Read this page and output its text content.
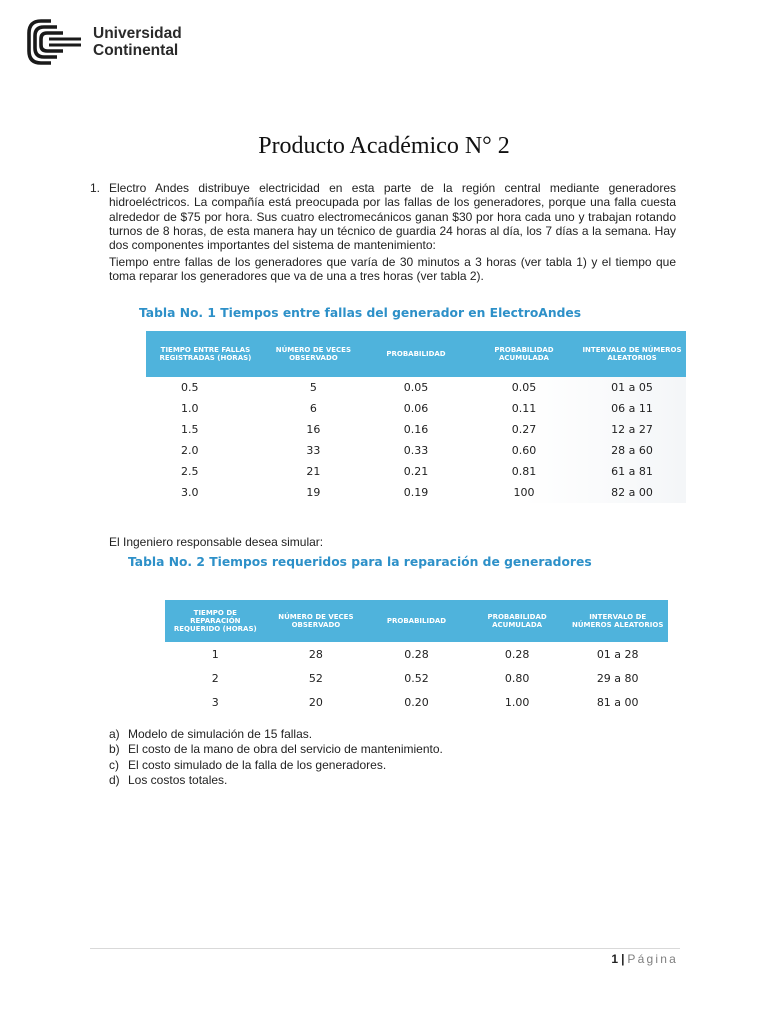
Universidad
Continental
Producto Académico N° 2
1. Electro Andes distribuye electricidad en esta parte de la región central mediante generadores hidroeléctricos. La compañía está preocupada por las fallas de los generadores, porque una falla cuesta alrededor de $75 por hora. Sus cuatro electromecánicos ganan $30 por hora cada uno y trabajan rotando turnos de 8 horas, de esta manera hay un técnico de guardia 24 horas al día, los 7 días a la semana. Hay dos componentes importantes del sistema de mantenimiento:
Tiempo entre fallas de los generadores que varía de 30 minutos a 3 horas (ver tabla 1) y el tiempo que toma reparar los generadores que va de una a tres horas (ver tabla 2).
Tabla No. 1 Tiempos entre fallas del generador en ElectroAndes
TIEMPO ENTRE FALLAS REGISTRADAS (HORAS)	NÚMERO DE VECES OBSERVADO	PROBABILIDAD	PROBABILIDAD ACUMULADA	INTERVALO DE NÚMEROS ALEATORIOS
0.5	5	0.05	0.05	01 a 05
1.0	6	0.06	0.11	06 a 11
1.5	16	0.16	0.27	12 a 27
2.0	33	0.33	0.60	28 a 60
2.5	21	0.21	0.81	61 a 81
3.0	19	0.19	100	82 a 00
El Ingeniero responsable desea simular:
Tabla No. 2 Tiempos requeridos para la reparación de generadores
TIEMPO DE REPARACIÓN REQUERIDO (HORAS)	NÚMERO DE VECES OBSERVADO	PROBABILIDAD	PROBABILIDAD ACUMULADA	INTERVALO DE NÚMEROS ALEATORIOS
1	28	0.28	0.28	01 a 28
2	52	0.52	0.80	29 a 80
3	20	0.20	1.00	81 a 00
a) Modelo de simulación de 15 fallas.
b) El costo de la mano de obra del servicio de mantenimiento.
c) El costo simulado de la falla de los generadores.
d) Los costos totales.
1 | Página
